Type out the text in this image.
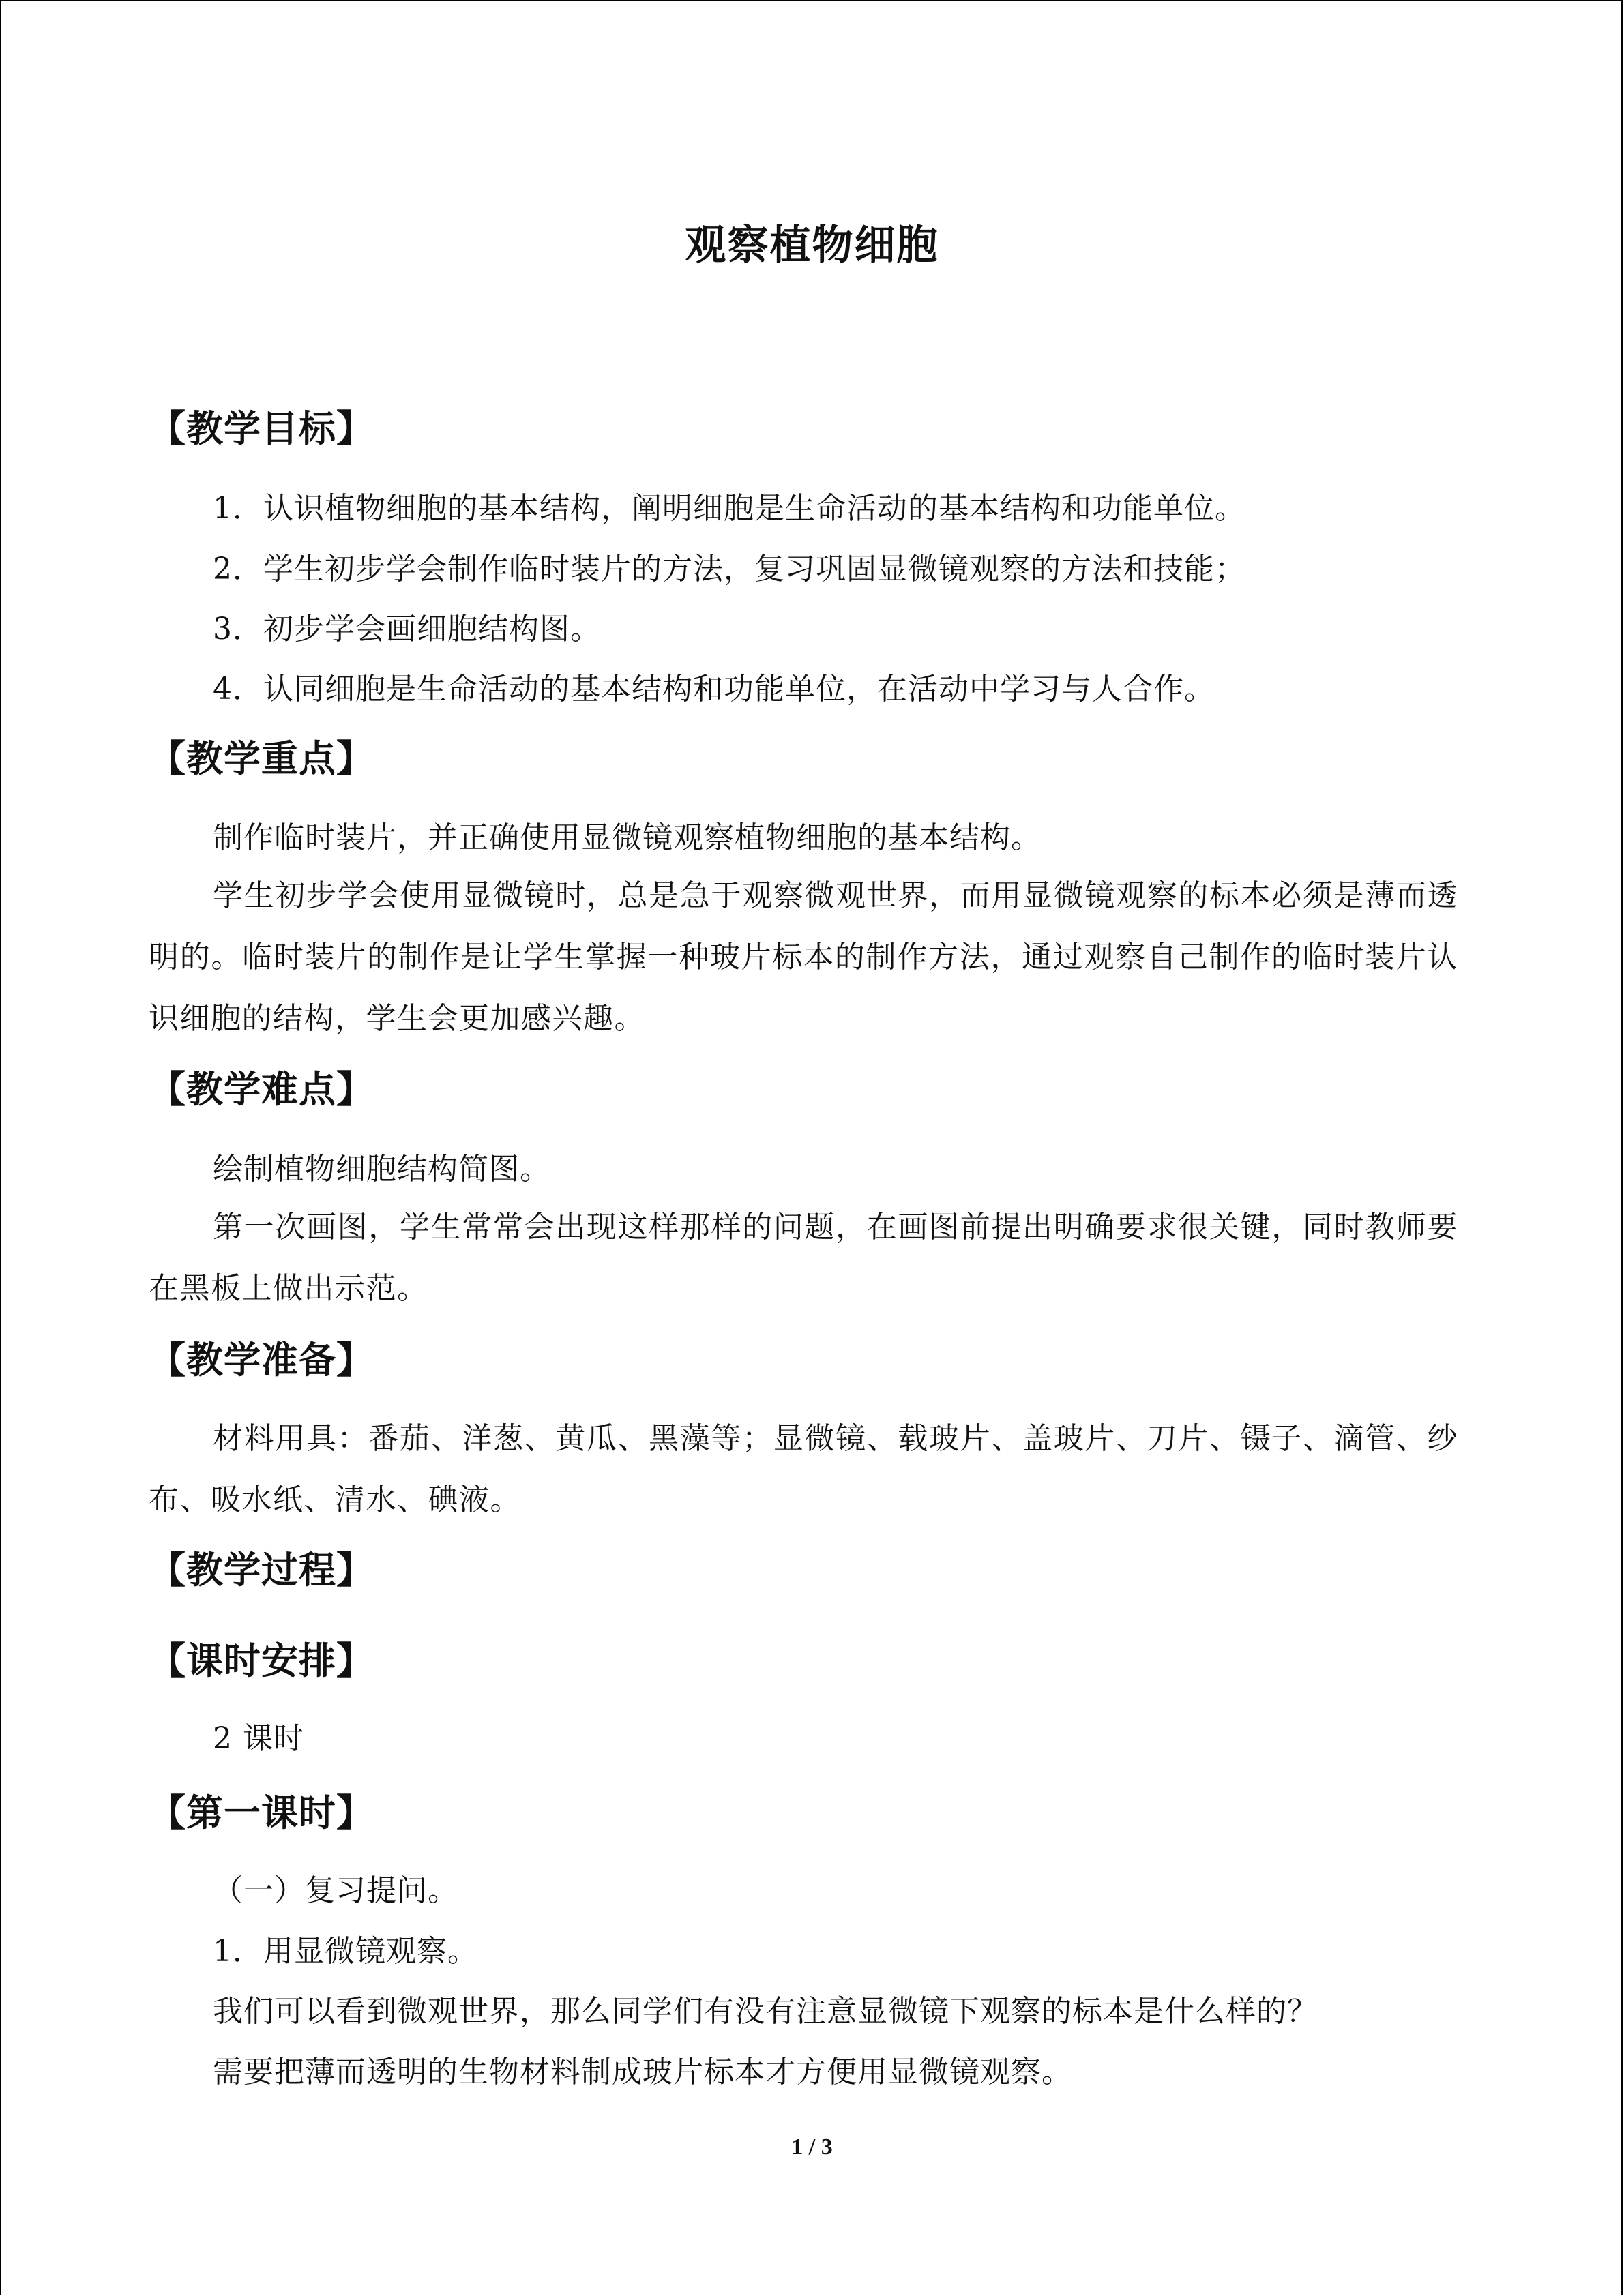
观察植物细胞
【教学目标】
1．认识植物细胞的基本结构，阐明细胞是生命活动的基本结构和功能单位。
2．学生初步学会制作临时装片的方法，复习巩固显微镜观察的方法和技能；
3．初步学会画细胞结构图。
4．认同细胞是生命活动的基本结构和功能单位，在活动中学习与人合作。
【教学重点】
制作临时装片，并正确使用显微镜观察植物细胞的基本结构。
学生初步学会使用显微镜时，总是急于观察微观世界，而用显微镜观察的标本必须是薄而透明的。临时装片的制作是让学生掌握一种玻片标本的制作方法，通过观察自己制作的临时装片认识细胞的结构，学生会更加感兴趣。
【教学难点】
绘制植物细胞结构简图。
第一次画图，学生常常会出现这样那样的问题，在画图前提出明确要求很关键，同时教师要在黑板上做出示范。
【教学准备】
材料用具：番茄、洋葱、黄瓜、黑藻等；显微镜、载玻片、盖玻片、刀片、镊子、滴管、纱布、吸水纸、清水、碘液。
【教学过程】
【课时安排】
2 课时
【第一课时】
（一）复习提问。
1．用显微镜观察。
我们可以看到微观世界，那么同学们有没有注意显微镜下观察的标本是什么样的？
需要把薄而透明的生物材料制成玻片标本才方便用显微镜观察。
1 / 3
